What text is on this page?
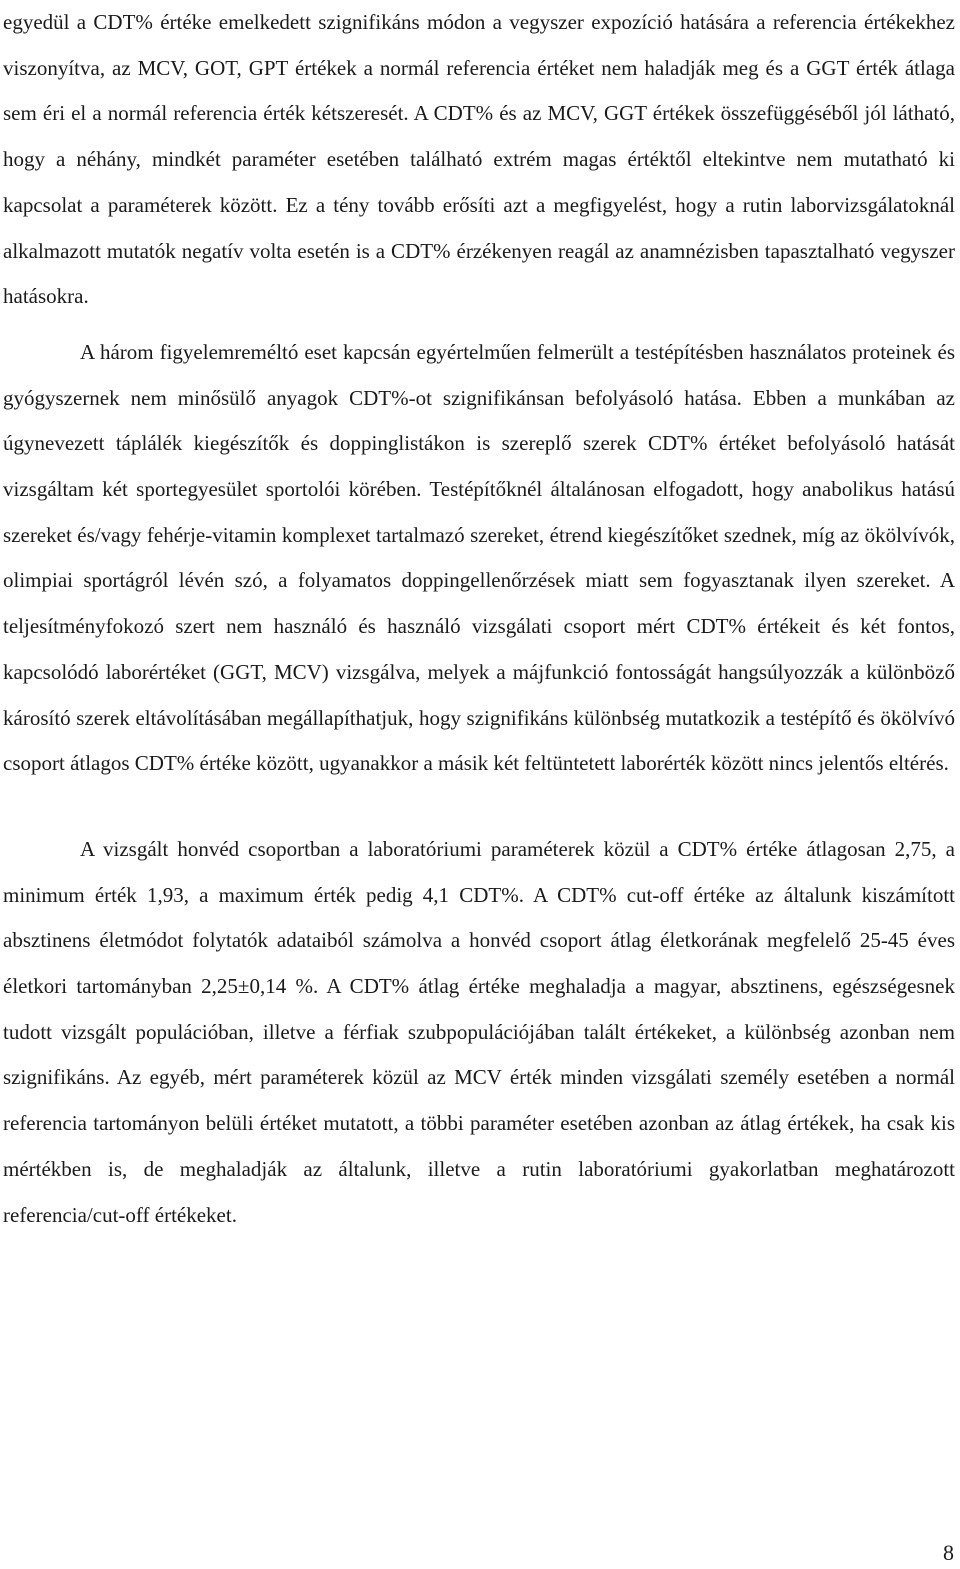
egyedül a CDT% értéke emelkedett szignifikáns módon a vegyszer expozíció hatására a referencia értékekhez viszonyítva, az MCV, GOT, GPT értékek a normál referencia értéket nem haladják meg és a GGT érték átlaga sem éri el a normál referencia érték kétszeresét. A CDT% és az MCV, GGT értékek összefüggéséből jól látható, hogy a néhány, mindkét paraméter esetében található extrém magas értéktől eltekintve nem mutatható ki kapcsolat a paraméterek között. Ez a tény tovább erősíti azt a megfigyelést, hogy a rutin laborvizsgálatoknál alkalmazott mutatók negatív volta esetén is a CDT% érzékenyen reagál az anamnézisben tapasztalható vegyszer hatásokra.

A három figyelemreméltó eset kapcsán egyértelműen felmerült a testépítésben használatos proteinek és gyógyszernek nem minősülő anyagok CDT%-ot szignifikánsan befolyásoló hatása. Ebben a munkában az úgynevezett táplálék kiegészítők és doppinglistákon is szereplő szerek CDT% értéket befolyásoló hatását vizsgáltam két sportegyesület sportolói körében. Testépítőknél általánosan elfogadott, hogy anabolikus hatású szereket és/vagy fehérje-vitamin komplexet tartalmazó szereket, étrend kiegészítőket szednek, míg az ökölvívók, olimpiai sportágról lévén szó, a folyamatos doppingellenőrzések miatt sem fogyasztanak ilyen szereket. A teljesítményfokozó szert nem használó és használó vizsgálati csoport mért CDT% értékeit és két fontos, kapcsolódó laborértéket (GGT, MCV) vizsgálva, melyek a májfunkció fontosságát hangsúlyozzák a különböző károsító szerek eltávolításában megállapíthatjuk, hogy szignifikáns különbség mutatkozik a testépítő és ökölvívó csoport átlagos CDT% értéke között, ugyanakkor a másik két feltüntetett laborérték között nincs jelentős eltérés.

A vizsgált honvéd csoportban a laboratóriumi paraméterek közül a CDT% értéke átlagosan 2,75, a minimum érték 1,93, a maximum érték pedig 4,1 CDT%. A CDT% cut-off értéke az általunk kiszámított absztinens életmódot folytatók adataiból számolva a honvéd csoport átlag életkorának megfelelő 25-45 éves életkori tartományban 2,25±0,14 %. A CDT% átlag értéke meghaladja a magyar, absztinens, egészségesnek tudott vizsgált populációban, illetve a férfiak szubpopulációjában talált értékeket, a különbség azonban nem szignifikáns. Az egyéb, mért paraméterek közül az MCV érték minden vizsgálati személy esetében a normál referencia tartományon belüli értéket mutatott, a többi paraméter esetében azonban az átlag értékek, ha csak kis mértékben is, de meghaladják az általunk, illetve a rutin laboratóriumi gyakorlatban meghatározott referencia/cut-off értékeket.

8
